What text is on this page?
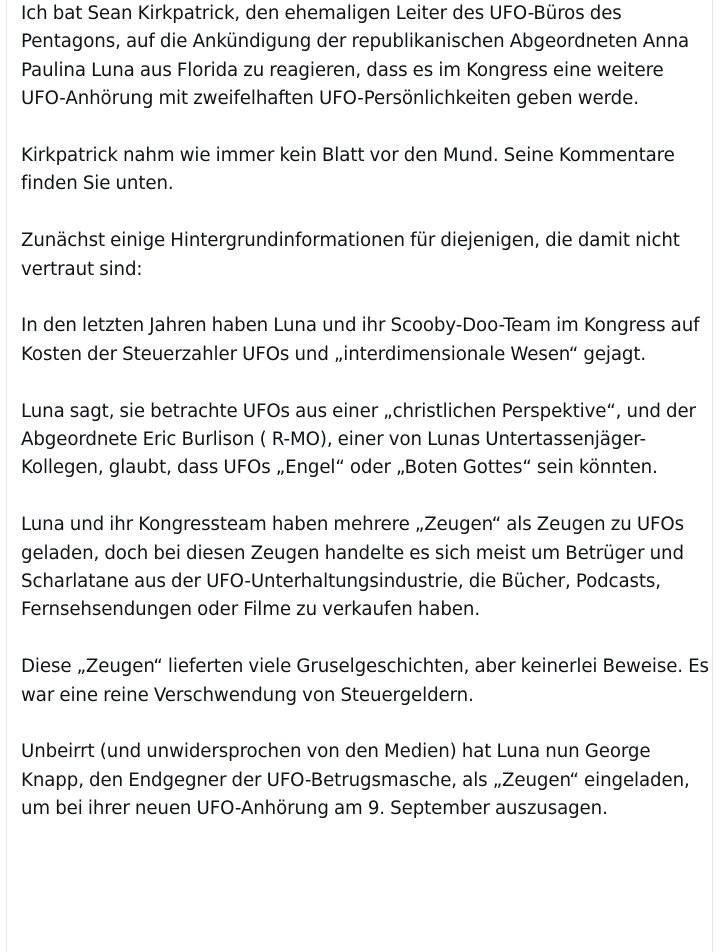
Ich bat Sean Kirkpatrick, den ehemaligen Leiter des UFO-Büros des Pentagons, auf die Ankündigung der republikanischen Abgeordneten Anna Paulina Luna aus Florida zu reagieren, dass es im Kongress eine weitere UFO-Anhörung mit zweifelhaften UFO-Persönlichkeiten geben werde.

Kirkpatrick nahm wie immer kein Blatt vor den Mund. Seine Kommentare finden Sie unten.

Zunächst einige Hintergrundinformationen für diejenigen, die damit nicht vertraut sind:

In den letzten Jahren haben Luna und ihr Scooby-Doo-Team im Kongress auf Kosten der Steuerzahler UFOs und „interdimensionale Wesen“ gejagt.

Luna sagt, sie betrachte UFOs aus einer „christlichen Perspektive“, und der Abgeordnete Eric Burlison ( R-MO), einer von Lunas Untertassenjäger-Kollegen, glaubt, dass UFOs „Engel“ oder „Boten Gottes“ sein könnten.

Luna und ihr Kongressteam haben mehrere „Zeugen“ als Zeugen zu UFOs geladen, doch bei diesen Zeugen handelte es sich meist um Betrüger und Scharlatane aus der UFO-Unterhaltungsindustrie, die Bücher, Podcasts, Fernsehsendungen oder Filme zu verkaufen haben.

Diese „Zeugen“ lieferten viele Gruselgeschichten, aber keinerlei Beweise. Es war eine reine Verschwendung von Steuergeldern.

Unbeirrt (und unwidersprochen von den Medien) hat Luna nun George Knapp, den Endgegner der UFO-Betrugsmasche, als „Zeugen“ eingeladen, um bei ihrer neuen UFO-Anhörung am 9. September auszusagen.
